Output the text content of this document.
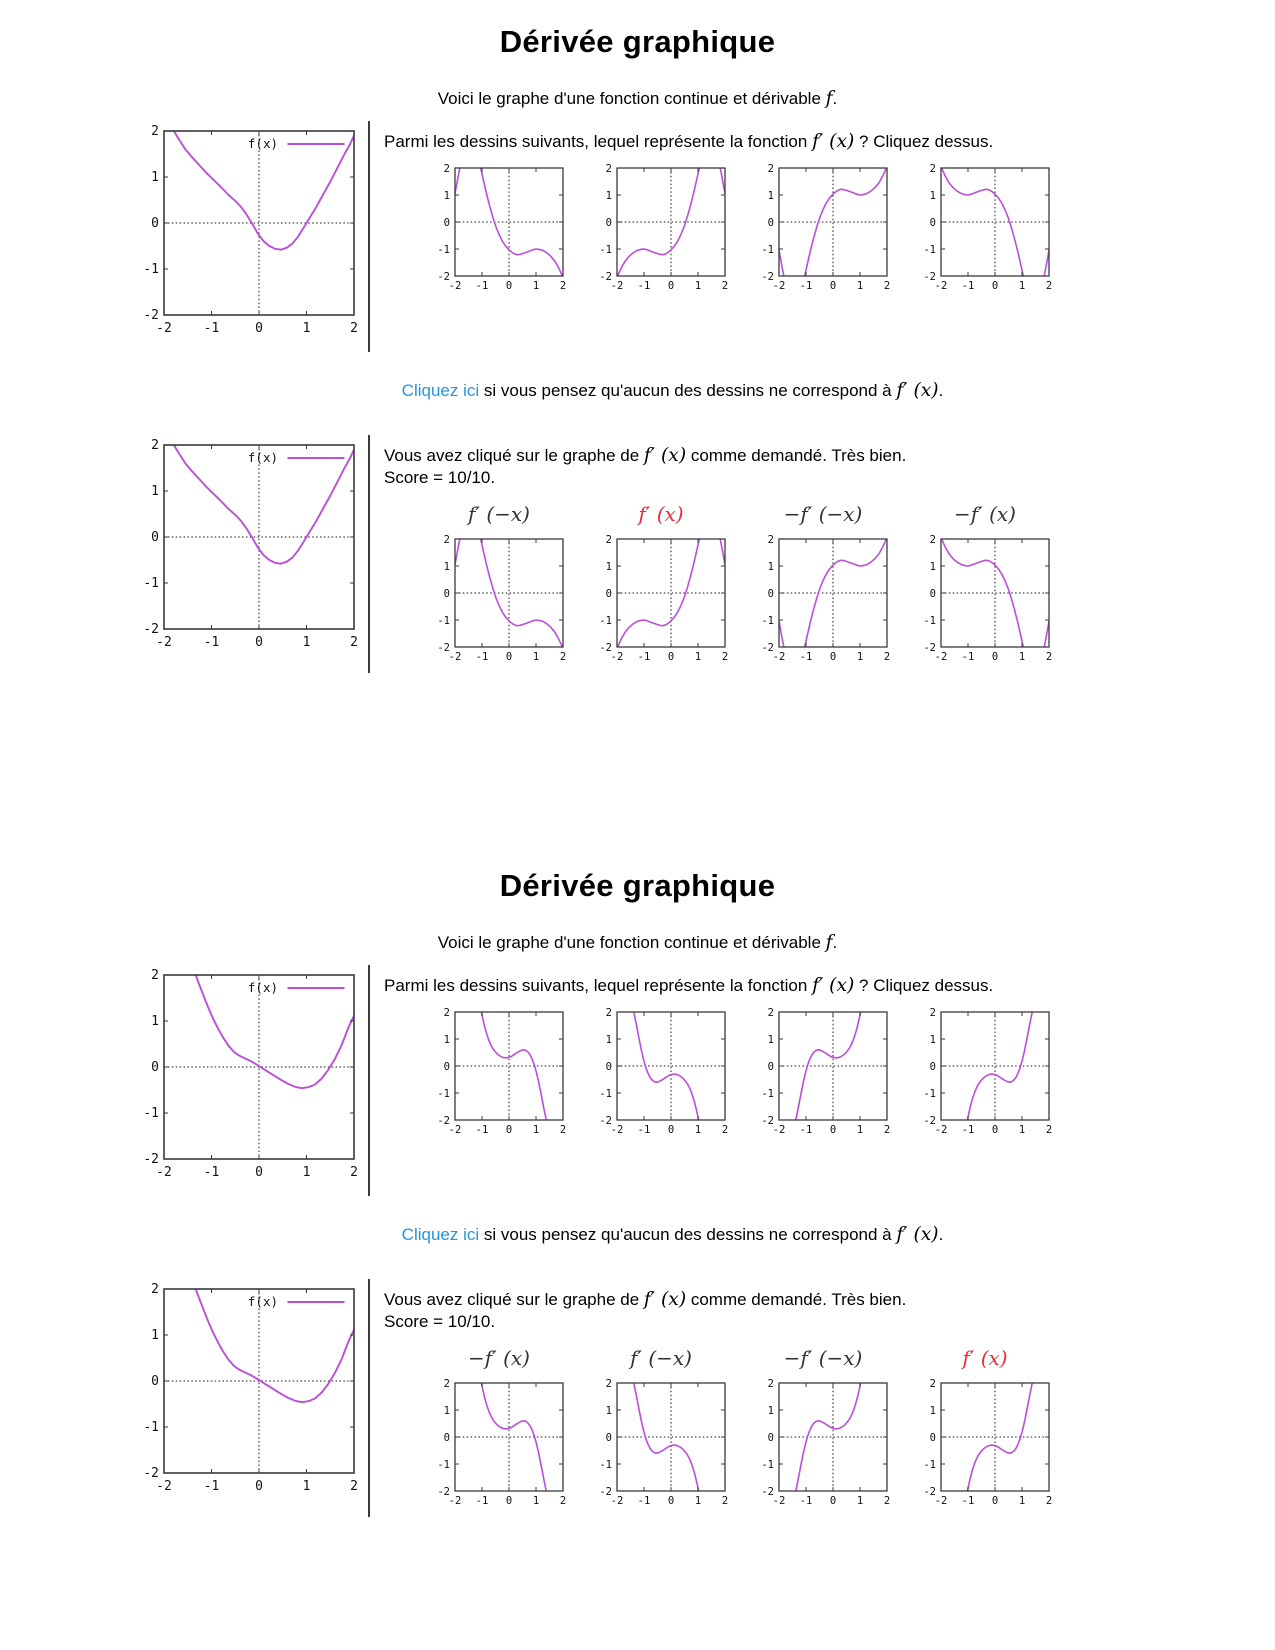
Dérivée graphique

Voici le graphe d'une fonction continue et dérivable f.

-2 -1	0	1	2
-2
-1
0
1
2
f(x)	Parmi les dessins suivants, lequel représente la fonction f′ (x) ? Cliquez dessus.

-2 -1 0 1 2
-2
-1
0
1
2
-2 -1 0 1 2
-2
-1
0
1
2
-2 -1 0 1 2
-2
-1
0
1
2
-2 -1 0 1 2
-2
-1
0
1
2

Cliquez ici si vous pensez qu'aucun des dessins ne correspond à f′ (x).

-2 -1	0	1	2
-2
-1
0
1
2
f(x)	Vous avez cliqué sur le graphe de f′ (x) comme demandé. Très bien.

Score = 10/10.

f′ (−x)
-2 -1 0 1 2
-2
-1
0
1
2
f′ (x)
-2 -1 0 1 2
-2
-1
0
1
2
−f′ (−x)
-2 -1 0 1 2
-2
-1
0
1
2
−f′ (x)
-2 -1 0 1 2
-2
-1
0
1
2
Dérivée graphique

Voici le graphe d'une fonction continue et dérivable f.

-2 -1	0	1	2
-2
-1
0
1
2
f(x)	Parmi les dessins suivants, lequel représente la fonction f′ (x) ? Cliquez dessus.

-2 -1 0 1 2
-2
-1
0
1
2
-2 -1 0 1 2
-2
-1
0
1
2
-2 -1 0 1 2
-2
-1
0
1
2
-2 -1 0 1 2
-2
-1
0
1
2

Cliquez ici si vous pensez qu'aucun des dessins ne correspond à f′ (x).

-2 -1	0	1	2
-2
-1
0
1
2
f(x)	Vous avez cliqué sur le graphe de f′ (x) comme demandé. Très bien.

Score = 10/10.

−f′ (x)
-2 -1 0 1 2
-2
-1
0
1
2
f′ (−x)
-2 -1 0 1 2
-2
-1
0
1
2
−f′ (−x)
-2 -1 0 1 2
-2
-1
0
1
2
f′ (x)
-2 -1 0 1 2
-2
-1
0
1
2
